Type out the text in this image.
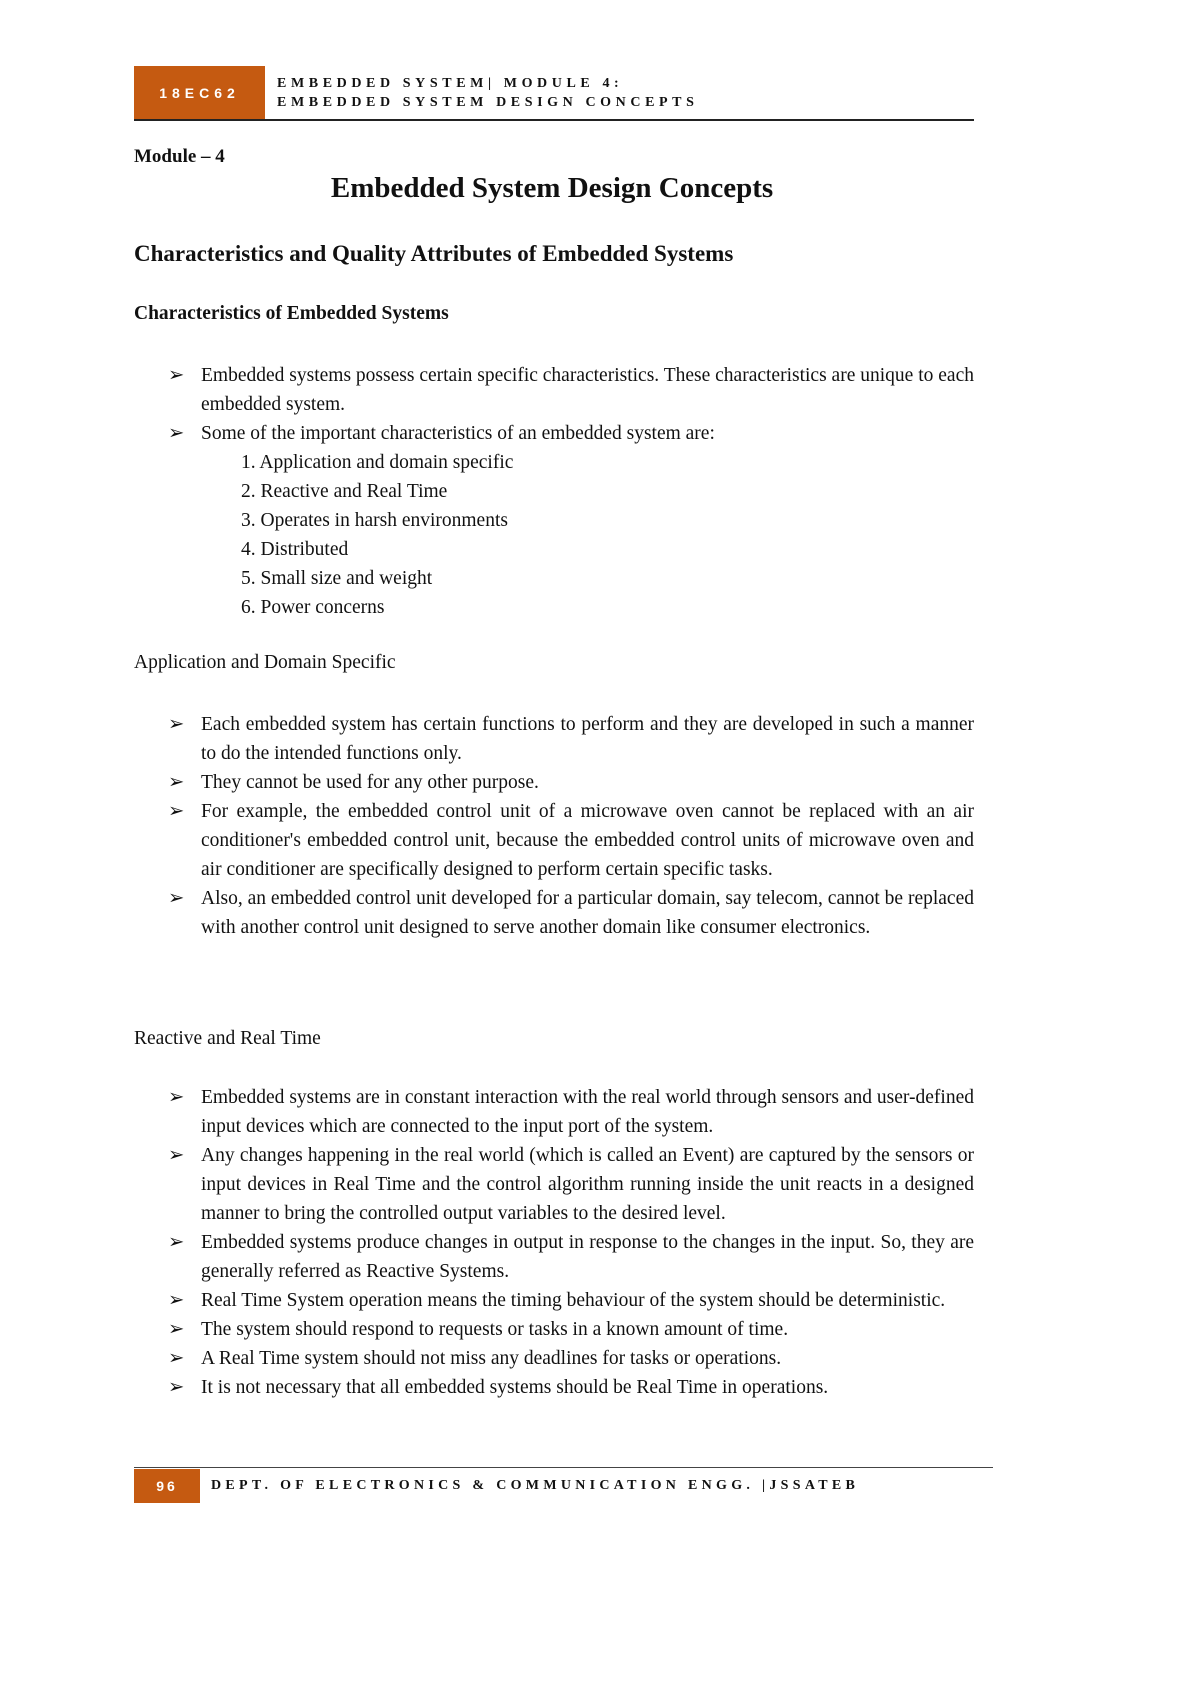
18EC62
EMBEDDED SYSTEM| MODULE 4:
EMBEDDED SYSTEM DESIGN CONCEPTS
Module – 4
Embedded System Design Concepts
Characteristics and Quality Attributes of Embedded Systems
Characteristics of Embedded Systems
➢ Embedded systems possess certain specific characteristics. These characteristics are unique to each embedded system.
➢ Some of the important characteristics of an embedded system are:
1. Application and domain specific
2. Reactive and Real Time
3. Operates in harsh environments
4. Distributed
5. Small size and weight
6. Power concerns
Application and Domain Specific
➢ Each embedded system has certain functions to perform and they are developed in such a manner to do the intended functions only.
➢ They cannot be used for any other purpose.
➢ For example, the embedded control unit of a microwave oven cannot be replaced with an air conditioner's embedded control unit, because the embedded control units of microwave oven and air conditioner are specifically designed to perform certain specific tasks.
➢ Also, an embedded control unit developed for a particular domain, say telecom, cannot be replaced with another control unit designed to serve another domain like consumer electronics.
Reactive and Real Time
➢ Embedded systems are in constant interaction with the real world through sensors and user-defined input devices which are connected to the input port of the system.
➢ Any changes happening in the real world (which is called an Event) are captured by the sensors or input devices in Real Time and the control algorithm running inside the unit reacts in a designed manner to bring the controlled output variables to the desired level.
➢ Embedded systems produce changes in output in response to the changes in the input. So, they are generally referred as Reactive Systems.
➢ Real Time System operation means the timing behaviour of the system should be deterministic.
➢ The system should respond to requests or tasks in a known amount of time.
➢ A Real Time system should not miss any deadlines for tasks or operations.
➢ It is not necessary that all embedded systems should be Real Time in operations.
96	DEPT. OF ELECTRONICS & COMMUNICATION ENGG. |JSSATEB
